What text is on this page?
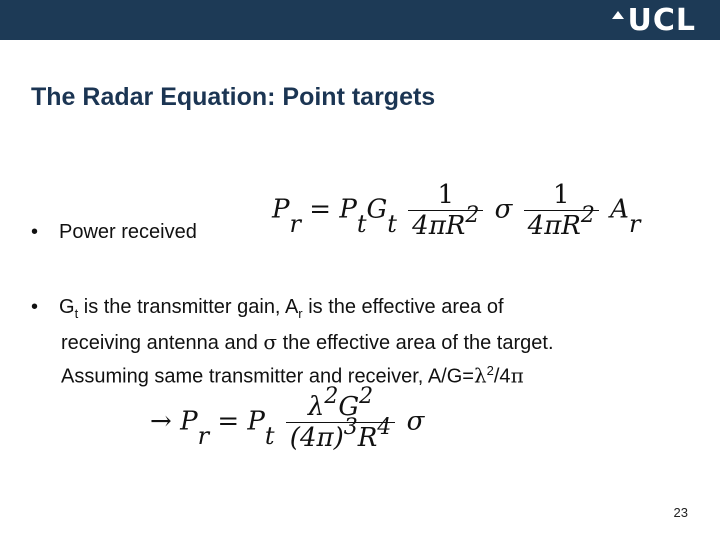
UCL
The Radar Equation: Point targets
• Power received
Pr = PtGt $\frac{1}{4\pi R^2}$ σ $\frac{1}{4\pi R^2}$ Ar
• $G_t$ is the transmitter gain, $A_r$ is the effective area of
receiving antenna and σ the effective area of the target.
Assuming same transmitter and receiver, $A/G=\lambda^2/4\pi$
→ Pr = Pt $\frac{\lambda^2G^2}{(4\pi)^3R^4}$ σ
23
